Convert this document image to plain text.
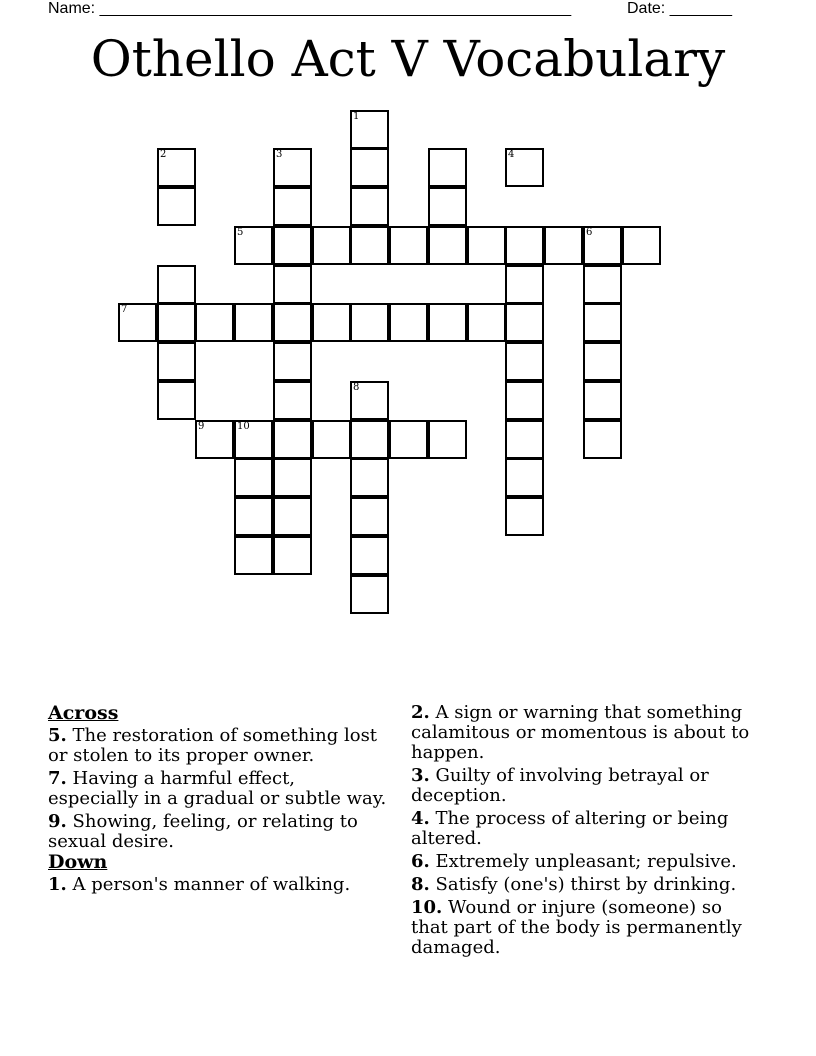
Name: _____________________________________________________	Date: _______
Othello Act V Vocabulary
1
4
2	3
5	6
7
8
9	10
Across
5. The restoration of something lost or stolen to its proper owner.
7. Having a harmful effect, especially in a gradual or subtle way.
9. Showing, feeling, or relating to sexual desire.
Down
1. A person's manner of walking.
2. A sign or warning that something calamitous or momentous is about to happen.
3. Guilty of involving betrayal or deception.
4. The process of altering or being altered.
6. Extremely unpleasant; repulsive.
8. Satisfy (one's) thirst by drinking.
10. Wound or injure (someone) so that part of the body is permanently damaged.
